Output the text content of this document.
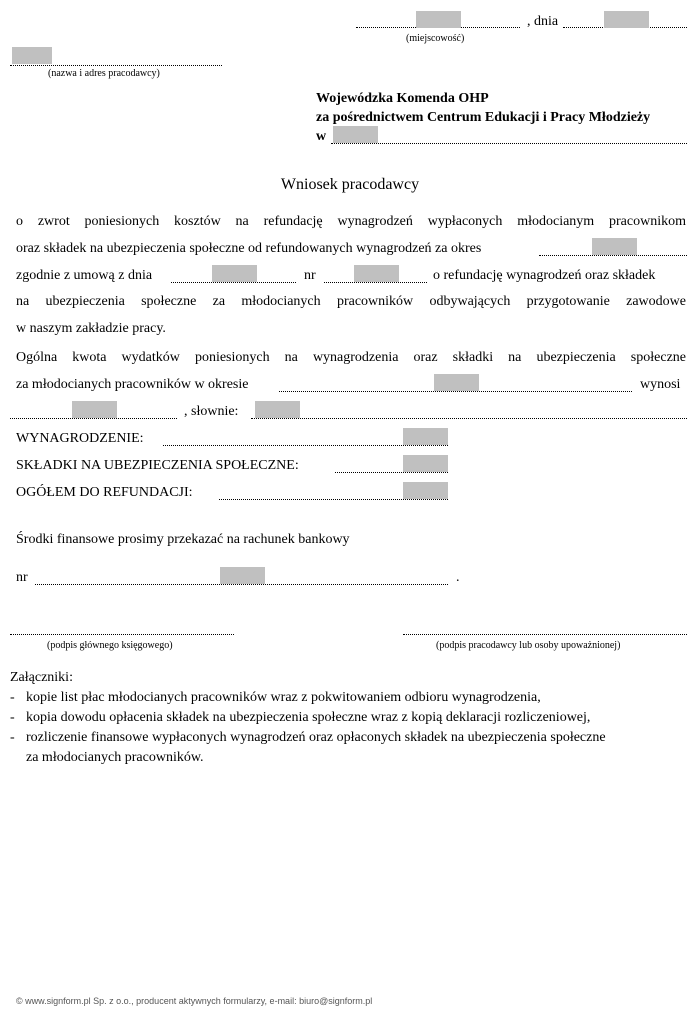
, dnia
(miejscowość)
(nazwa i adres pracodawcy)
Wojewódzka Komenda OHP
za pośrednictwem Centrum Edukacji i Pracy Młodzieży
w
Wniosek pracodawcy
o zwrot poniesionych kosztów na refundację wynagrodzeń wypłaconych młodocianym pracownikom
oraz składek na ubezpieczenia społeczne od refundowanych wynagrodzeń za okres
zgodnie z umową z dnia	nr	o refundację wynagrodzeń oraz składek
na ubezpieczenia społeczne za młodocianych pracowników odbywających przygotowanie zawodowe
w naszym zakładzie pracy.
Ogólna kwota wydatków poniesionych na wynagrodzenia oraz składki na ubezpieczenia społeczne
za młodocianych pracowników w okresie	wynosi
, słownie:
WYNAGRODZENIE:
SKŁADKI NA UBEZPIECZENIA SPOŁECZNE:
OGÓŁEM DO REFUNDACJI:
Środki finansowe prosimy przekazać na rachunek bankowy
nr	.
(podpis głównego księgowego)	(podpis pracodawcy lub osoby upoważnionej)
Załączniki:
- kopie list płac młodocianych pracowników wraz z pokwitowaniem odbioru wynagrodzenia,
- kopia dowodu opłacenia składek na ubezpieczenia społeczne wraz z kopią deklaracji rozliczeniowej,
- rozliczenie finansowe wypłaconych wynagrodzeń oraz opłaconych składek na ubezpieczenia społeczne
za młodocianych pracowników.
© www.signform.pl Sp. z o.o., producent aktywnych formularzy, e-mail: biuro@signform.pl
